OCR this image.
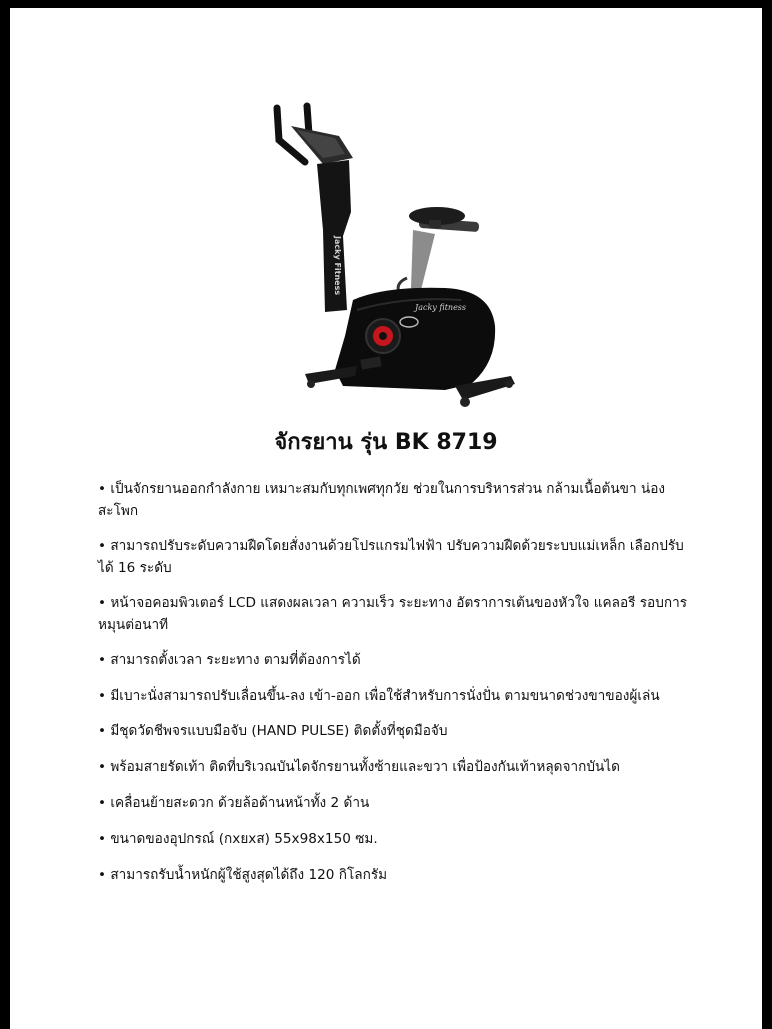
Jacky Fitness
Jacky fitness
จักรยาน รุ่น BK 8719
• เป็นจักรยานออกกำลังกาย เหมาะสมกับทุกเพศทุกวัย ช่วยในการบริหารส่วน กล้ามเนื้อต้นขา น่อง สะโพก
• สามารถปรับระดับความฝืดโดยสั่งงานด้วยโปรแกรมไฟฟ้า ปรับความฝืดด้วยระบบแม่เหล็ก เลือกปรับได้ 16 ระดับ
• หน้าจอคอมพิวเตอร์ LCD แสดงผลเวลา ความเร็ว ระยะทาง อัตราการเต้นของหัวใจ แคลอรี รอบการหมุนต่อนาที
• สามารถตั้งเวลา ระยะทาง ตามที่ต้องการได้
• มีเบาะนั่งสามารถปรับเลื่อนขึ้น-ลง เข้า-ออก เพื่อใช้สำหรับการนั่งปั่น ตามขนาดช่วงขาของผู้เล่น
• มีชุดวัดชีพจรแบบมือจับ (HAND PULSE) ติดตั้งที่ชุดมือจับ
• พร้อมสายรัดเท้า ติดที่บริเวณบันไดจักรยานทั้งซ้ายและขวา เพื่อป้องกันเท้าหลุดจากบันได
• เคลื่อนย้ายสะดวก ด้วยล้อด้านหน้าทั้ง 2 ด้าน
• ขนาดของอุปกรณ์ (กxยxส) 55x98x150 ซม.
• สามารถรับน้ำหนักผู้ใช้สูงสุดได้ถึง 120 กิโลกรัม
